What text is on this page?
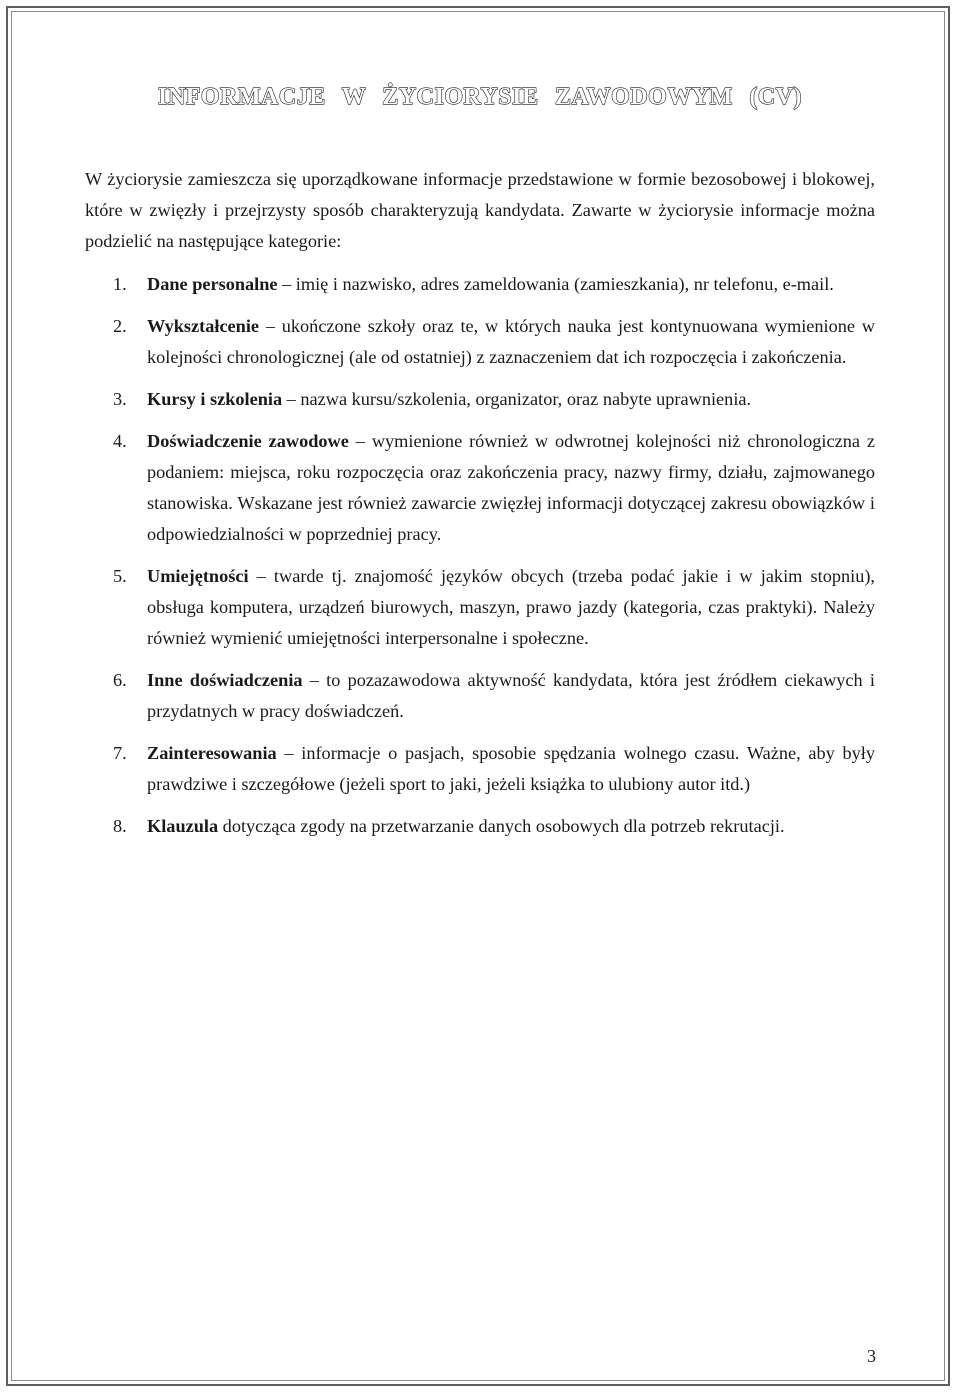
INFORMACJE W ŻYCIORYSIE ZAWODOWYM (CV)

W życiorysie zamieszcza się uporządkowane informacje przedstawione w formie bezosobowej i blokowej, które w zwięzły i przejrzysty sposób charakteryzują kandydata. Zawarte w życiorysie informacje można podzielić na następujące kategorie:

1.	Dane personalne – imię i nazwisko, adres zameldowania (zamieszkania), nr telefonu, e-mail.
2.	Wykształcenie – ukończone szkoły oraz te, w których nauka jest kontynuowana wymienione w kolejności chronologicznej (ale od ostatniej) z zaznaczeniem dat ich rozpoczęcia i zakończenia.
3.	Kursy i szkolenia – nazwa kursu/szkolenia, organizator, oraz nabyte uprawnienia.
4.	Doświadczenie zawodowe – wymienione również w odwrotnej kolejności niż chronologiczna z podaniem: miejsca, roku rozpoczęcia oraz zakończenia pracy, nazwy firmy, działu, zajmowanego stanowiska. Wskazane jest również zawarcie zwięzłej informacji dotyczącej zakresu obowiązków i odpowiedzialności w poprzedniej pracy.
5.	Umiejętności – twarde tj. znajomość języków obcych (trzeba podać jakie i w jakim stopniu), obsługa komputera, urządzeń biurowych, maszyn, prawo jazdy (kategoria, czas praktyki). Należy również wymienić umiejętności interpersonalne i społeczne.
6.	Inne doświadczenia – to pozazawodowa aktywność kandydata, która jest źródłem ciekawych i przydatnych w pracy doświadczeń.
7.	Zainteresowania – informacje o pasjach, sposobie spędzania wolnego czasu. Ważne, aby były prawdziwe i szczegółowe (jeżeli sport to jaki, jeżeli książka to ulubiony autor itd.)
8.	Klauzula dotycząca zgody na przetwarzanie danych osobowych dla potrzeb rekrutacji.

3
